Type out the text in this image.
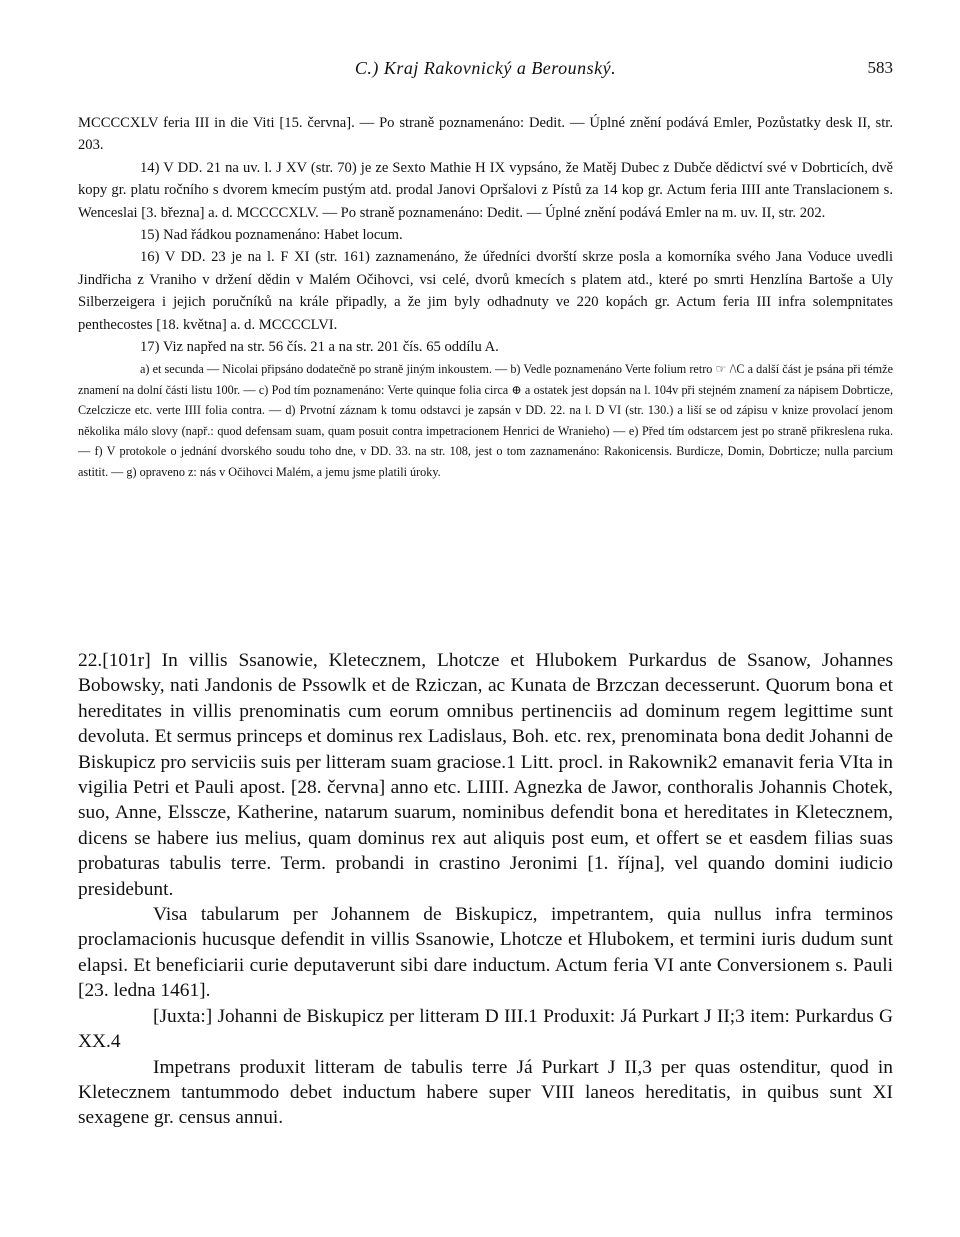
C.) Kraj Rakovnický a Berounský.	583

MCCCCXLV feria III in die Viti [15. června]. — Po straně poznamenáno: Dedit. — Úplné znění podává Emler, Pozůstatky desk II, str. 203.

14) V DD. 21 na uv. l. J XV (str. 70) je ze Sexto Mathie H IX vypsáno, že Matěj Dubec z Dubče dědictví své v Dobrticích, dvě kopy gr. platu ročního s dvorem kmecím pustým atd. prodal Janovi Opršalovi z Pístů za 14 kop gr. Actum feria IIII ante Translacionem s. Wenceslai [3. března] a. d. MCCCCXLV. — Po straně poznamenáno: Dedit. — Úplné znění podává Emler na m. uv. II, str. 202.

15) Nad řádkou poznamenáno: Habet locum.

16) V DD. 23 je na l. F XI (str. 161) zaznamenáno, že úředníci dvorští skrze posla a komorníka svého Jana Voduce uvedli Jindřicha z Vraniho v držení dědin v Malém Očihovci, vsi celé, dvorů kmecích s platem atd., které po smrti Henzlína Bartoše a Uly Silberzeigera i jejich poručníků na krále připadly, a že jim byly odhadnuty ve 220 kopách gr. Actum feria III infra solempnitates penthecostes [18. května] a. d. MCCCCLVI.

17) Viz napřed na str. 56 čís. 21 a na str. 201 čís. 65 oddílu A.

a) et secunda — Nicolai připsáno dodatečně po straně jiným inkoustem. — b) Vedle poznamenáno Verte folium retro ☞ /\C a další část je psána při témže znamení na dolní části listu 100r. — c) Pod tím poznamenáno: Verte quinque folia circa ⊕ a ostatek jest dopsán na l. 104v při stejném znamení za nápisem Dobrticze, Czelczicze etc. verte IIII folia contra. — d) Prvotní záznam k tomu odstavci je zapsán v DD. 22. na l. D VI (str. 130.) a liší se od zápisu v knize provolací jenom několika málo slovy (např.: quod defensam suam, quam posuit contra impetracionem Henrici de Wranieho) — e) Před tím odstarcem jest po straně přikreslena ruka. — f) V protokole o jednání dvorského soudu toho dne, v DD. 33. na str. 108, jest o tom zaznamenáno: Rakonicensis. Burdicze, Domin, Dobrticze; nulla parcium astitit. — g) opraveno z: nás v Očihovci Malém, a jemu jsme platili úroky.

22.[101r] In villis Ssanowie, Kletecznem, Lhotcze et Hlubokem Purkardus de Ssanow, Johannes Bobowsky, nati Jandonis de Pssowlk et de Rziczan, ac Kunata de Brzczan decesserunt. Quorum bona et hereditates in villis prenominatis cum eorum omnibus pertinenciis ad dominum regem legittime sunt devoluta. Et sermus princeps et dominus rex Ladislaus, Boh. etc. rex, prenominata bona dedit Johanni de Biskupicz pro serviciis suis per litteram suam graciose.1 Litt. procl. in Rakownik2 emanavit feria VIta in vigilia Petri et Pauli apost. [28. června] anno etc. LIIII. Agnezka de Jawor, conthoralis Johannis Chotek, suo, Anne, Elsscze, Katherine, natarum suarum, nominibus defendit bona et hereditates in Kletecznem, dicens se habere ius melius, quam dominus rex aut aliquis post eum, et offert se et easdem filias suas probaturas tabulis terre. Term. probandi in crastino Jeronimi [1. října], vel quando domini iudicio presidebunt.

Visa tabularum per Johannem de Biskupicz, impetrantem, quia nullus infra terminos proclamacionis hucusque defendit in villis Ssanowie, Lhotcze et Hlubokem, et termini iuris dudum sunt elapsi. Et beneficiarii curie deputaverunt sibi dare inductum. Actum feria VI ante Conversionem s. Pauli [23. ledna 1461].

[Juxta:] Johanni de Biskupicz per litteram D III.1 Produxit: Já Purkart J II;3 item: Purkardus G XX.4

Impetrans produxit litteram de tabulis terre Já Purkart J II,3 per quas ostenditur, quod in Kletecznem tantummodo debet inductum habere super VIII laneos hereditatis, in quibus sunt XI sexagene gr. census annui.
